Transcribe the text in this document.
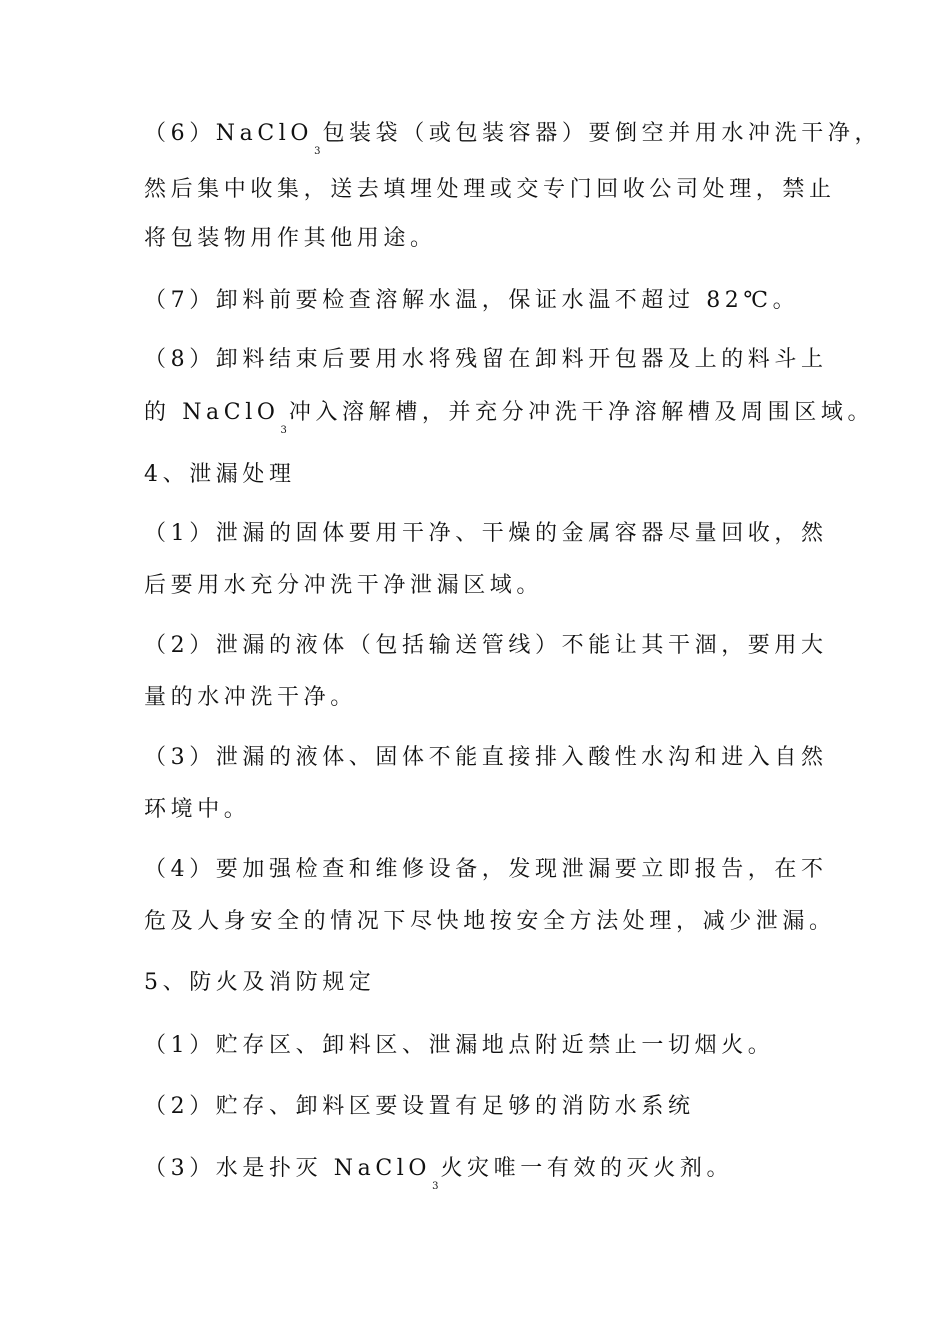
（6）NaClO$_3$包装袋（或包装容器）要倒空并用水冲洗干净，
然后集中收集，送去填埋处理或交专门回收公司处理，禁止
将包装物用作其他用途。
（7）卸料前要检查溶解水温，保证水温不超过 82℃。
（8）卸料结束后要用水将残留在卸料开包器及上的料斗上
的 NaClO$_3$冲入溶解槽，并充分冲洗干净溶解槽及周围区域。
4、泄漏处理
（1）泄漏的固体要用干净、干燥的金属容器尽量回收，然
后要用水充分冲洗干净泄漏区域。
（2）泄漏的液体（包括输送管线）不能让其干涸，要用大
量的水冲洗干净。
（3）泄漏的液体、固体不能直接排入酸性水沟和进入自然
环境中。
（4）要加强检查和维修设备，发现泄漏要立即报告，在不
危及人身安全的情况下尽快地按安全方法处理，减少泄漏。
5、防火及消防规定
（1）贮存区、卸料区、泄漏地点附近禁止一切烟火。
（2）贮存、卸料区要设置有足够的消防水系统
（3）水是扑灭 NaClO$_3$火灾唯一有效的灭火剂。
